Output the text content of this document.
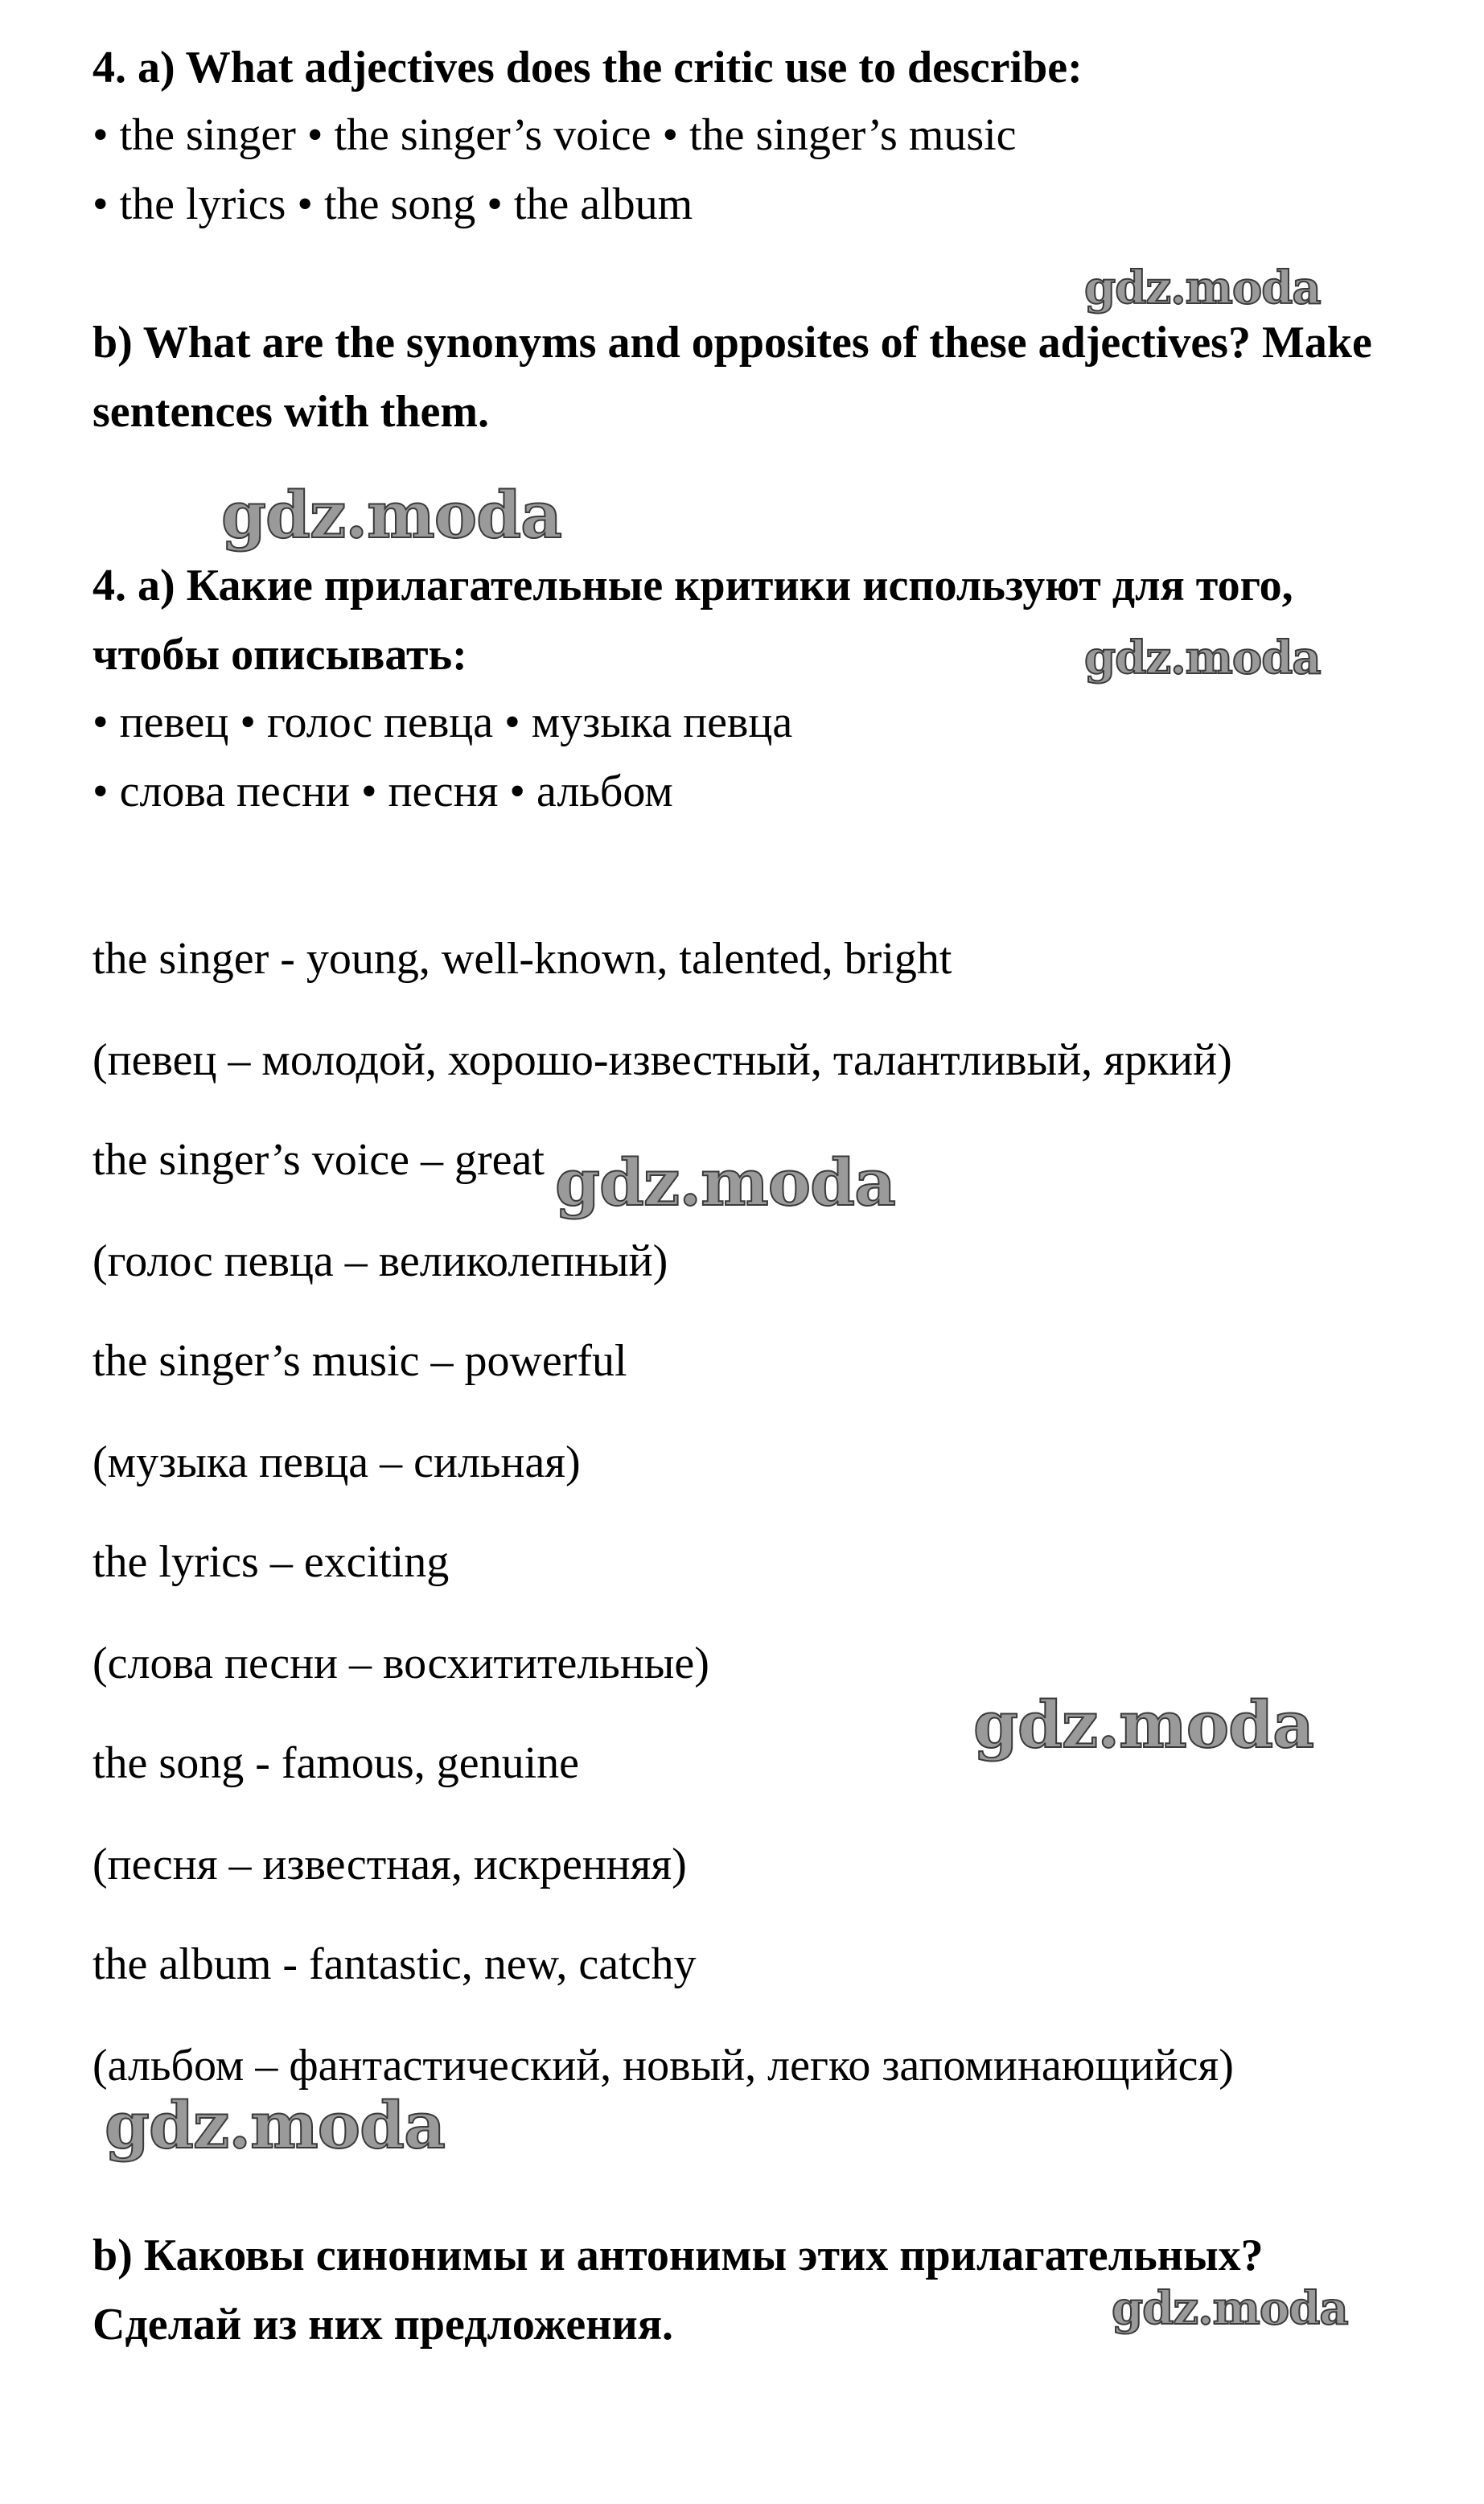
4. a) What adjectives does the critic use to describe:
• the singer • the singer’s voice • the singer’s music
• the lyrics • the song • the album
b) What are the synonyms and opposites of these adjectives? Make
sentences with them.
4. a) Какие прилагательные критики используют для того,
чтобы описывать:
• певец • голос певца • музыка певца
• слова песни • песня • альбом
the singer - young, well-known, talented, bright
(певец – молодой, хорошо-известный, талантливый, яркий)
the singer’s voice – great
(голос певца – великолепный)
the singer’s music – powerful
(музыка певца – сильная)
the lyrics – exciting
(слова песни – восхитительные)
the song - famous, genuine
(песня – известная, искренняя)
the album - fantastic, new, catchy
(альбом – фантастический, новый, легко запоминающийся)
b) Каковы синонимы и антонимы этих прилагательных?
Сделай из них предложения.
gdz.moda
gdz.moda
gdz.moda
gdz.moda
gdz.moda
gdz.moda
gdz.moda
